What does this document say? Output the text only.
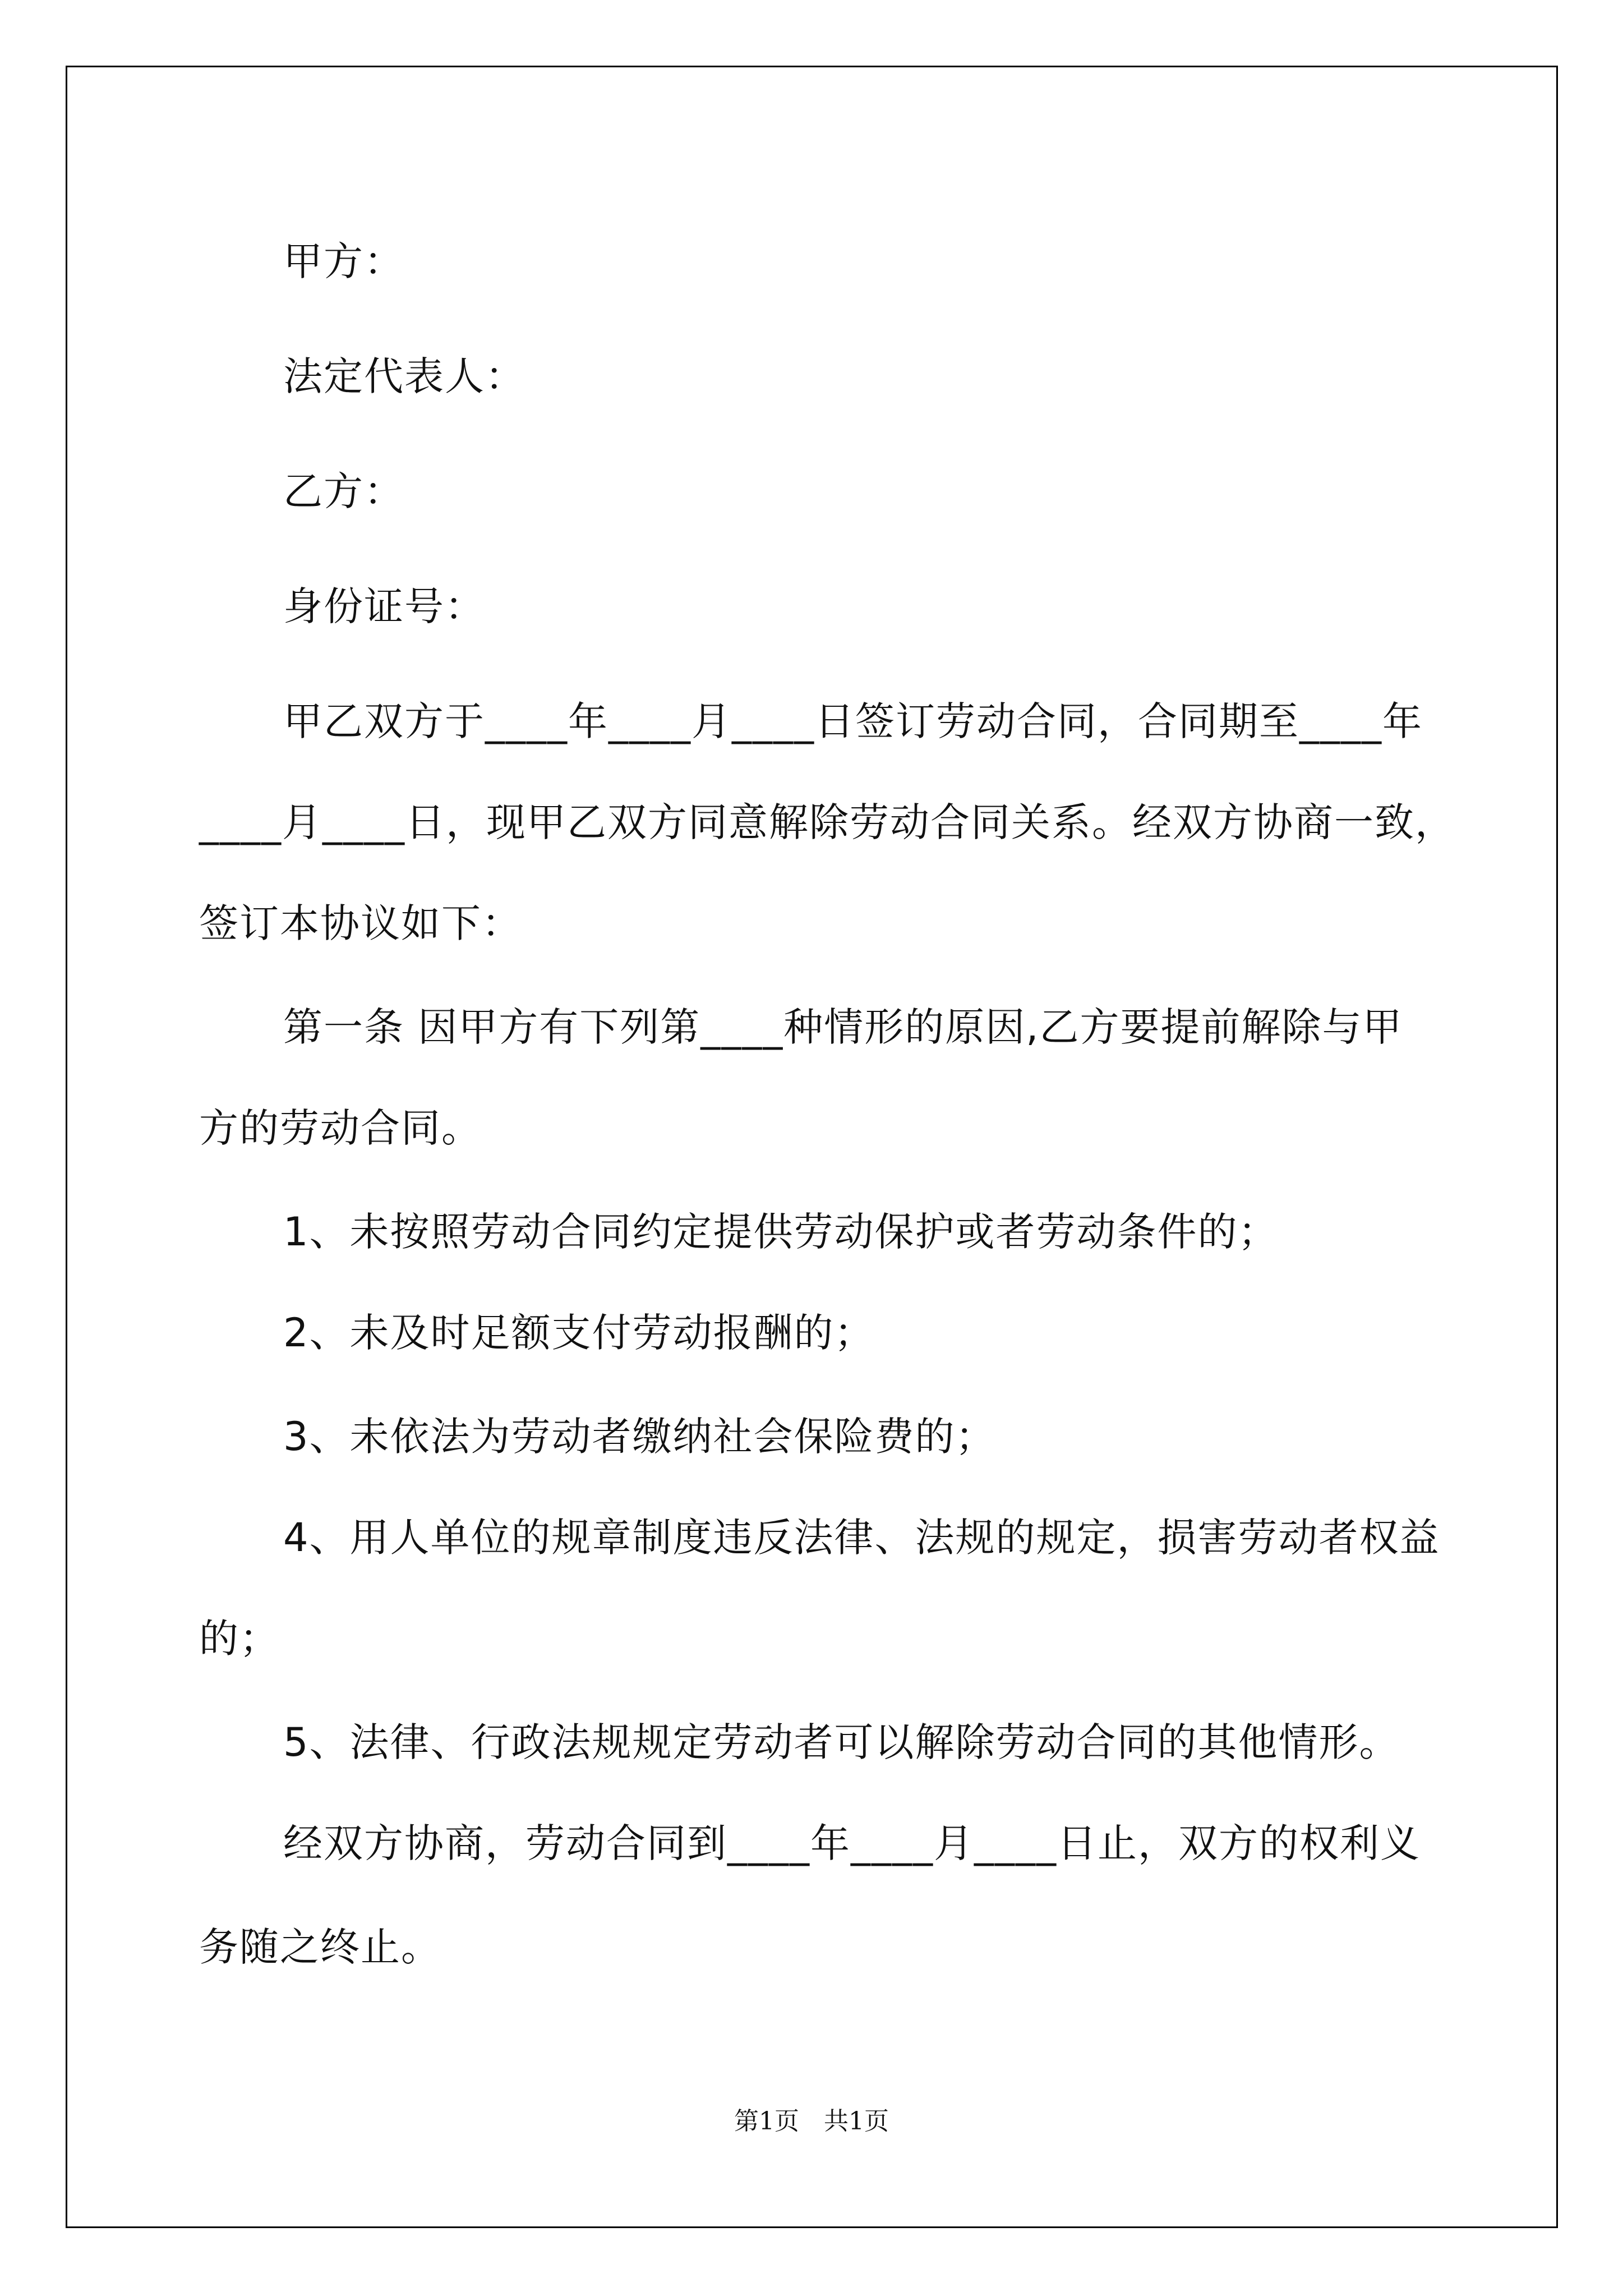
甲方：
法定代表人：
乙方：
身份证号：
甲乙双方于____年____月____日签订劳动合同，合同期至____年
____月____日，现甲乙双方同意解除劳动合同关系。经双方协商一致，
签订本协议如下：
第一条 因甲方有下列第____种情形的原因,乙方要提前解除与甲
方的劳动合同。
1、未按照劳动合同约定提供劳动保护或者劳动条件的；
2、未及时足额支付劳动报酬的；
3、未依法为劳动者缴纳社会保险费的；
4、用人单位的规章制度违反法律、法规的规定，损害劳动者权益
的；
5、法律、行政法规规定劳动者可以解除劳动合同的其他情形。
经双方协商，劳动合同到____年____月____日止，双方的权利义
务随之终止。
第1页　共1页
